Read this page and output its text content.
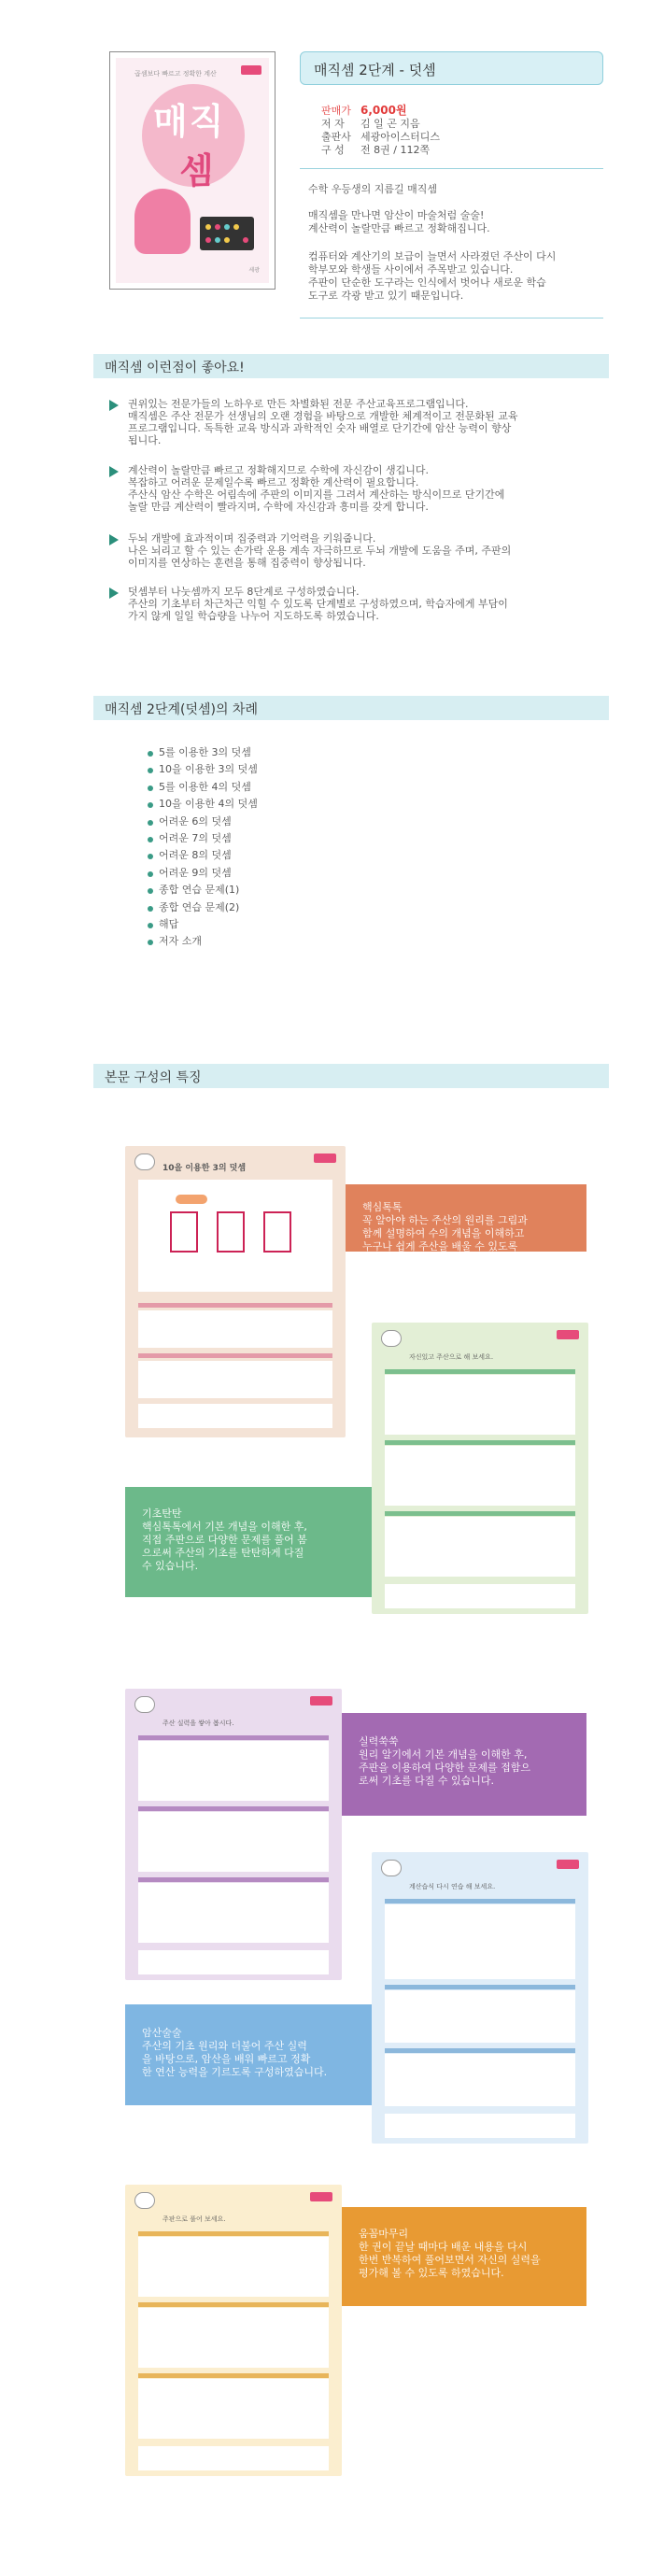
곱셈보다 빠르고 정확한 계산
매직
셈
세광
매직셈 2단계 - 덧셈
판매가 6,000원
저 자 김 일 곤 지음
출판사 세광아이스터디스
구 성 전 8권 / 112쪽
수학 우등생의 지름길 매직셈
매직셈을 만나면 암산이 마술처럼 술술!
계산력이 놀랄만큼 빠르고 정확해집니다.
컴퓨터와 계산기의 보급이 늘면서 사라졌던 주산이 다시
학부모와 학생들 사이에서 주목받고 있습니다.
주판이 단순한 도구라는 인식에서 벗어나 새로운 학습
도구로 각광 받고 있기 때문입니다.
매직셈 이런점이 좋아요!
권위있는 전문가들의 노하우로 만든 차별화된 전문 주산교육프로그램입니다.
매직셈은 주산 전문가 선생님의 오랜 경험을 바탕으로 개발한 체계적이고 전문화된 교육
프로그램입니다. 독특한 교육 방식과 과학적인 숫자 배열로 단기간에 암산 능력이 향상
됩니다.
계산력이 놀랄만큼 빠르고 정확해지므로 수학에 자신감이 생깁니다.
복잡하고 어려운 문제일수록 빠르고 정확한 계산력이 필요합니다.
주산식 암산 수학은 어림속에 주판의 이미지를 그려서 계산하는 방식이므로 단기간에
놀랄 만큼 계산력이 빨라지며, 수학에 자신감과 흥미를 갖게 합니다.
두뇌 개발에 효과적이며 집중력과 기억력을 키워줍니다.
나은 뇌리고 할 수 있는 손가락 운용 계속 자극하므로 두뇌 개발에 도움을 주며, 주판의
이미지를 연상하는 훈련을 통해 집중력이 향상됩니다.
덧셈부터 나눗셈까지 모두 8단계로 구성하였습니다.
주산의 기초부터 차근차근 익힐 수 있도록 단계별로 구성하였으며, 학습자에게 부담이
가지 않게 일일 학습량을 나누어 지도하도록 하였습니다.
매직셈 2단계(덧셈)의 차례
5를 이용한 3의 덧셈
10을 이용한 3의 덧셈
5를 이용한 4의 덧셈
10을 이용한 4의 덧셈
어려운 6의 덧셈
어려운 7의 덧셈
어려운 8의 덧셈
어려운 9의 덧셈
종합 연습 문제(1)
종합 연습 문제(2)
해답
저자 소개
본문 구성의 특징
10을 이용한 3의 덧셈
핵심톡톡
꼭 알아야 하는 주산의 원리를 그림과
함께 설명하여 수의 개념을 이해하고
누구나 쉽게 주산을 배울 수 있도록
하였습니다.
자신있고 주산으로 해 보세요.
기초탄탄
핵심톡톡에서 기본 개념을 이해한 후,
직접 주판으로 다양한 문제를 풀어 봄
으로써 주산의 기초를 탄탄하게 다질
수 있습니다.
주산 실력을 쌓아 봅시다.
실력쑥쑥
원리 알기에서 기본 개념을 이해한 후,
주판을 이용하여 다양한 문제를 접함으
로써 기초를 다질 수 있습니다.
계산습식 다시 연습 해 보세요.
암산술술
주산의 기초 원리와 더불어 주산 실력
을 바탕으로, 암산을 배워 빠르고 정확
한 연산 능력을 기르도록 구성하였습니다.
주판으로 풀어 보세요.
움꼼마무리
한 권이 끝날 때마다 배운 내용을 다시
한번 반복하여 풀어보면서 자신의 실력을
평가해 볼 수 있도록 하였습니다.
